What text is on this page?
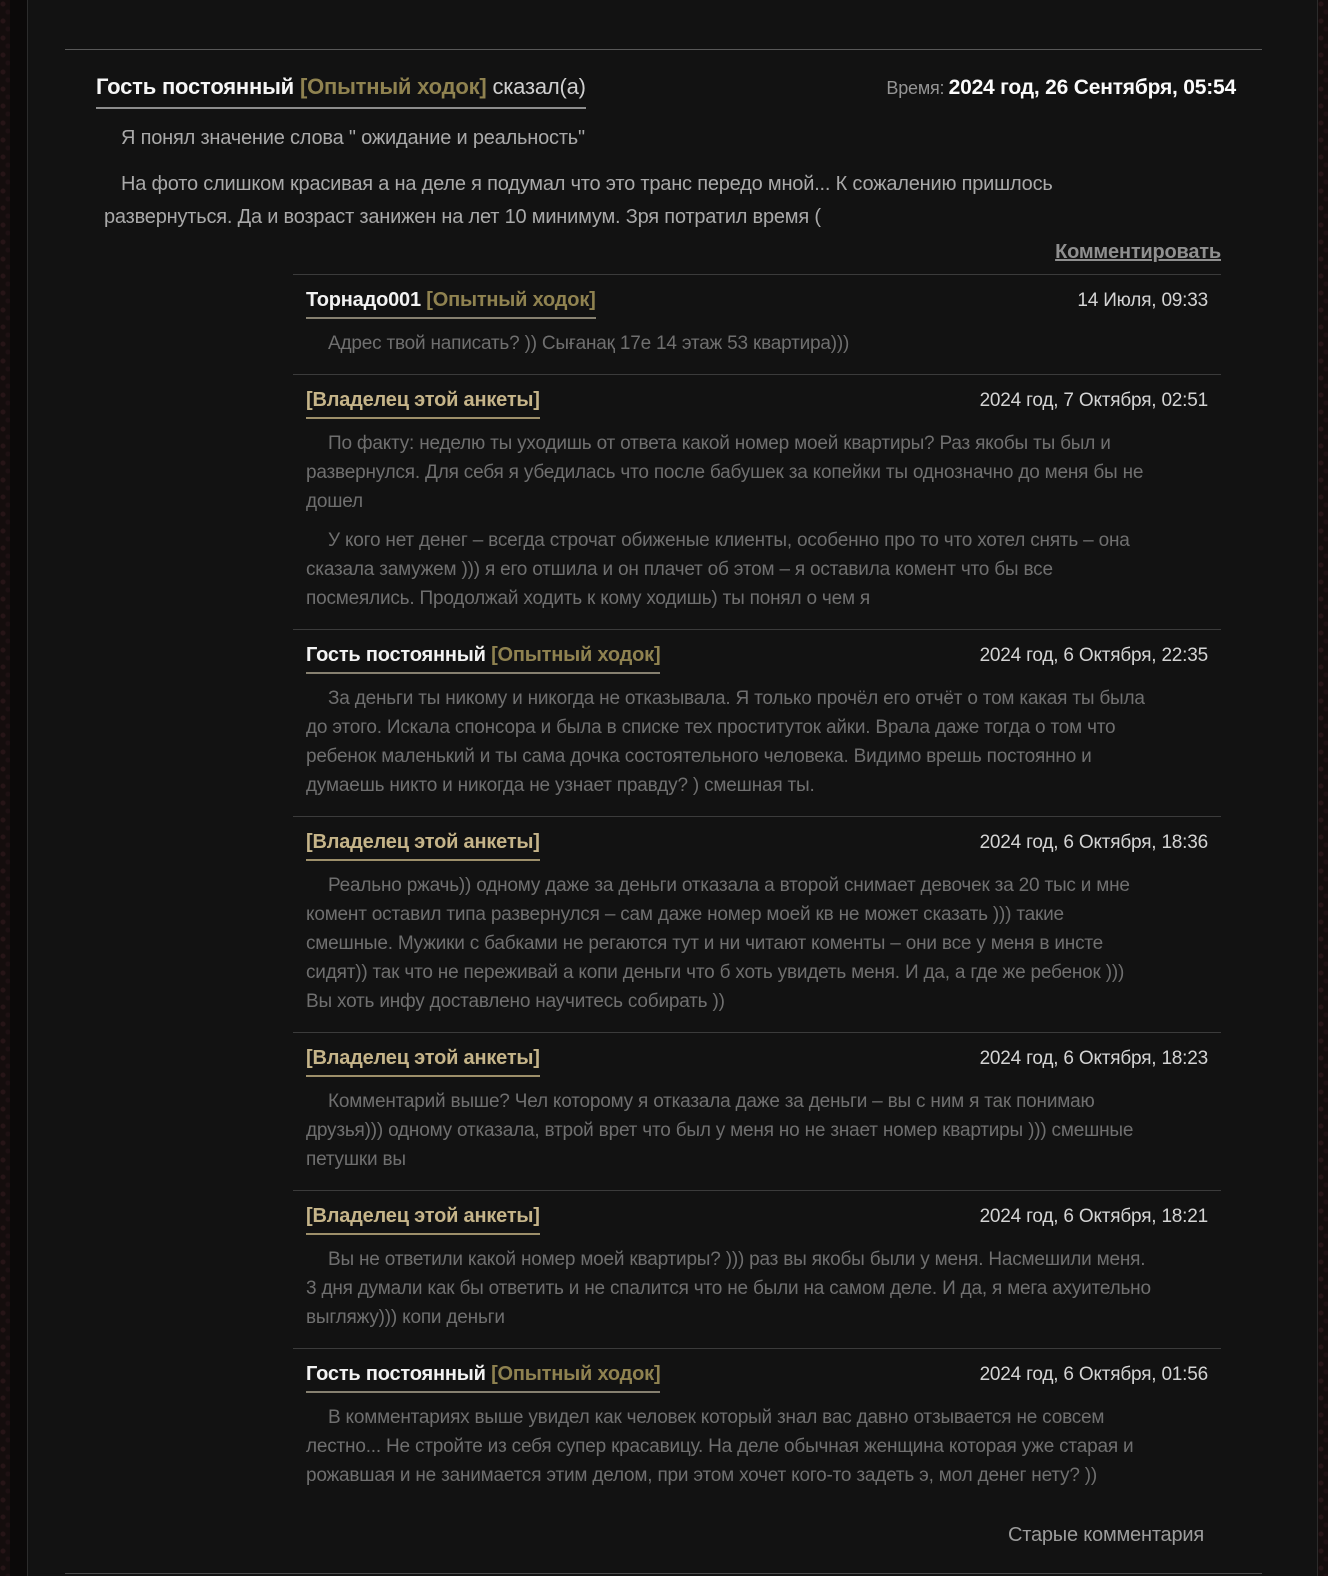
Гость постоянный [Опытный ходок] сказал(а)	Время: 2024 год, 26 Сентября, 05:54

Я понял значение слова " ожидание и реальность"

На фото слишком красивая а на деле я подумал что это транс передо мной... К сожалению пришлось развернуться. Да и возраст занижен на лет 10 минимум. Зря потратил время (

Комментировать
Торнадо001 [Опытный ходок]	14 Июля, 09:33

Адрес твой написать? )) Сығанақ 17е 14 этаж 53 квартира)))

[Владелец этой анкеты]	2024 год, 7 Октября, 02:51

По факту: неделю ты уходишь от ответа какой номер моей квартиры? Раз якобы ты был и развернулся. Для себя я убедилась что после бабушек за копейки ты однозначно до меня бы не дошел

У кого нет денег – всегда строчат обиженые клиенты, особенно про то что хотел снять – она сказала замужем ))) я его отшила и он плачет об этом – я оставила комент что бы все посмеялись. Продолжай ходить к кому ходишь) ты понял о чем я

Гость постоянный [Опытный ходок]	2024 год, 6 Октября, 22:35

За деньги ты никому и никогда не отказывала. Я только прочёл его отчёт о том какая ты была до этого. Искала спонсора и была в списке тех проституток айки. Врала даже тогда о том что ребенок маленький и ты сама дочка состоятельного человека. Видимо врешь постоянно и думаешь никто и никогда не узнает правду? ) смешная ты.

[Владелец этой анкеты]	2024 год, 6 Октября, 18:36

Реально ржачь)) одному даже за деньги отказала а второй снимает девочек за 20 тыс и мне комент оставил типа развернулся – сам даже номер моей кв не может сказать ))) такие смешные. Мужики с бабками не регаются тут и ни читают коменты – они все у меня в инсте сидят)) так что не переживай а копи деньги что б хоть увидеть меня. И да, а где же ребенок ))) Вы хоть инфу доставлено научитесь собирать ))

[Владелец этой анкеты]	2024 год, 6 Октября, 18:23

Комментарий выше? Чел которому я отказала даже за деньги – вы с ним я так понимаю друзья))) одному отказала, втрой врет что был у меня но не знает номер квартиры ))) смешные петушки вы

[Владелец этой анкеты]	2024 год, 6 Октября, 18:21

Вы не ответили какой номер моей квартиры? ))) раз вы якобы были у меня. Насмешили меня. 3 дня думали как бы ответить и не спалится что не были на самом деле. И да, я мега ахуительно выгляжу))) копи деньги

Гость постоянный [Опытный ходок]	2024 год, 6 Октября, 01:56

В комментариях выше увидел как человек который знал вас давно отзывается не совсем лестно... Не стройте из себя супер красавицу. На деле обычная женщина которая уже старая и рожавшая и не занимается этим делом, при этом хочет кого-то задеть э, мол денег нету? ))

Старые комментария
